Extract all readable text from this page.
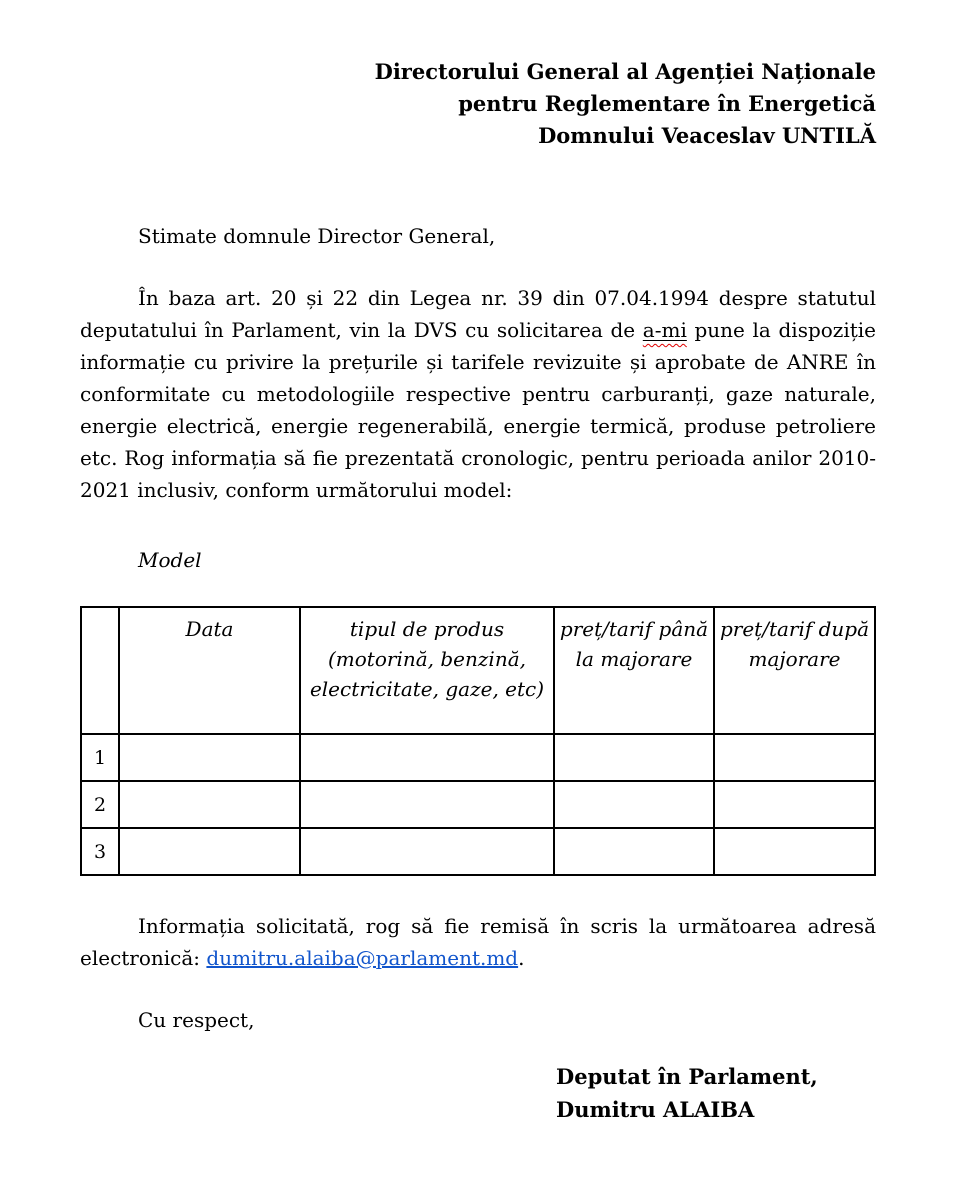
Directorului General al Agenției Naționale
pentru Reglementare în Energetică
Domnului Veaceslav UNTILĂ

Stimate domnule Director General,

În baza art. 20 și 22 din Legea nr. 39 din 07.04.1994 despre statutul deputatului în Parlament, vin la DVS cu solicitarea de a-mi pune la dispoziție informație cu privire la prețurile și tarifele revizuite și aprobate de ANRE în conformitate cu metodologiile respective pentru carburanți, gaze naturale, energie electrică, energie regenerabilă, energie termică, produse petroliere etc. Rog informația să fie prezentată cronologic, pentru perioada anilor 2010-2021 inclusiv, conform următorului model:

Model

	Data	tipul de produs (motorină, benzină, electricitate, gaze, etc)	preț/tarif până la majorare	preț/tarif după majorare
1				
2				
3				

Informația solicitată, rog să fie remisă în scris la următoarea adresă electronică: dumitru.alaiba@parlament.md.

Cu respect,

Deputat în Parlament,
Dumitru ALAIBA
